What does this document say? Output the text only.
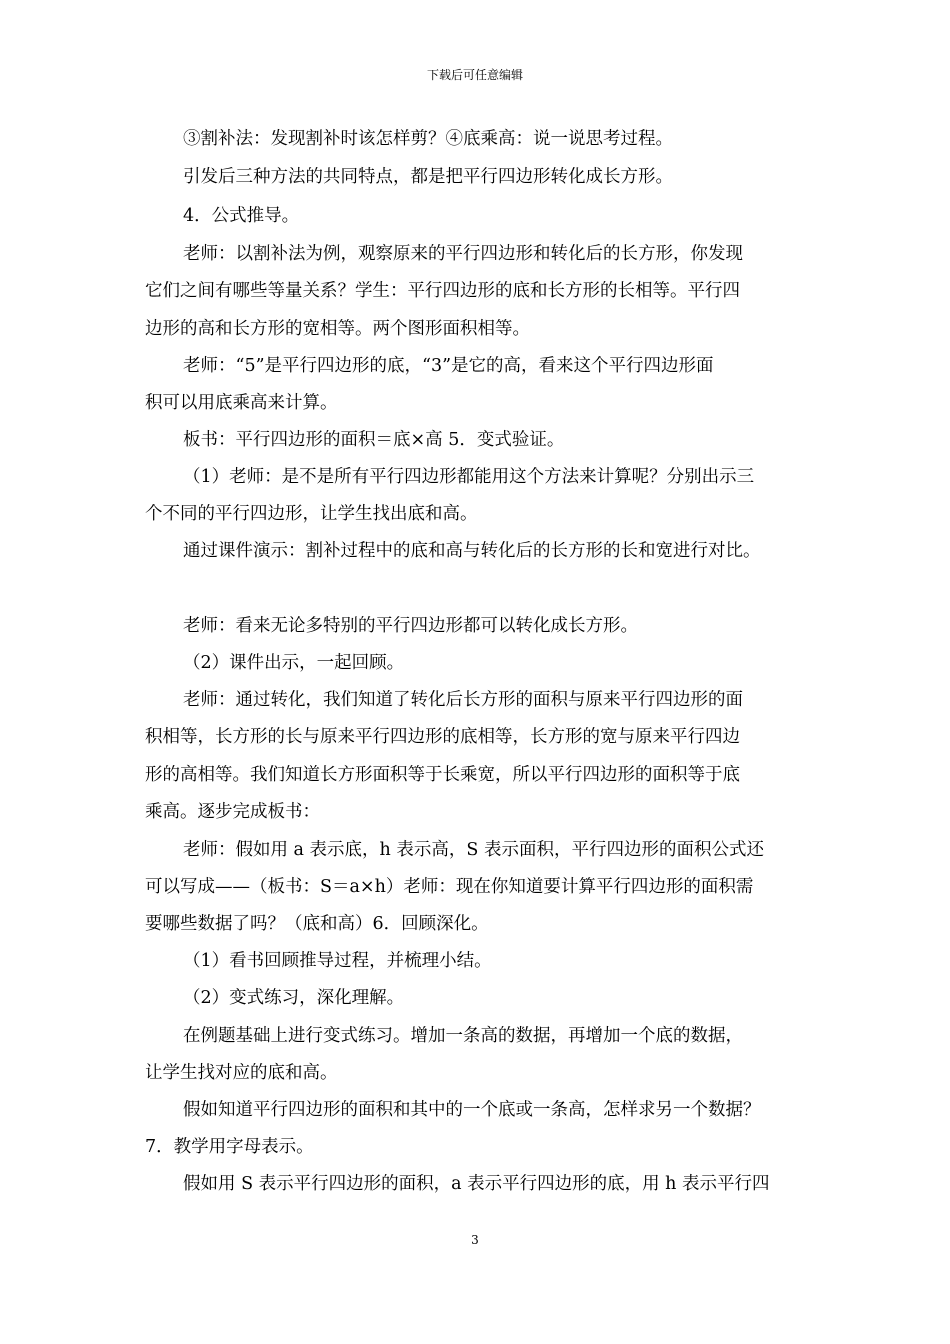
下载后可任意编辑
③割补法：发现割补时该怎样剪？④底乘高：说一说思考过程。
引发后三种方法的共同特点，都是把平行四边形转化成长方形。
4．公式推导。
老师：以割补法为例，观察原来的平行四边形和转化后的长方形，你发现
它们之间有哪些等量关系？学生：平行四边形的底和长方形的长相等。平行四
边形的高和长方形的宽相等。两个图形面积相等。
老师：“5”是平行四边形的底，“3”是它的高，看来这个平行四边形面
积可以用底乘高来计算。
板书：平行四边形的面积＝底×高 5．变式验证。
（1）老师：是不是所有平行四边形都能用这个方法来计算呢？分别出示三
个不同的平行四边形，让学生找出底和高。
通过课件演示：割补过程中的底和高与转化后的长方形的长和宽进行对比。
老师：看来无论多特别的平行四边形都可以转化成长方形。
（2）课件出示，一起回顾。
老师：通过转化，我们知道了转化后长方形的面积与原来平行四边形的面
积相等，长方形的长与原来平行四边形的底相等，长方形的宽与原来平行四边
形的高相等。我们知道长方形面积等于长乘宽，所以平行四边形的面积等于底
乘高。逐步完成板书：
老师：假如用 a 表示底，h 表示高，S 表示面积，平行四边形的面积公式还
可以写成——（板书：S＝a×h）老师：现在你知道要计算平行四边形的面积需
要哪些数据了吗？（底和高）6．回顾深化。
（1）看书回顾推导过程，并梳理小结。
（2）变式练习，深化理解。
在例题基础上进行变式练习。增加一条高的数据，再增加一个底的数据，
让学生找对应的底和高。
假如知道平行四边形的面积和其中的一个底或一条高，怎样求另一个数据？
7．教学用字母表示。
假如用 S 表示平行四边形的面积，a 表示平行四边形的底，用 h 表示平行四
3
